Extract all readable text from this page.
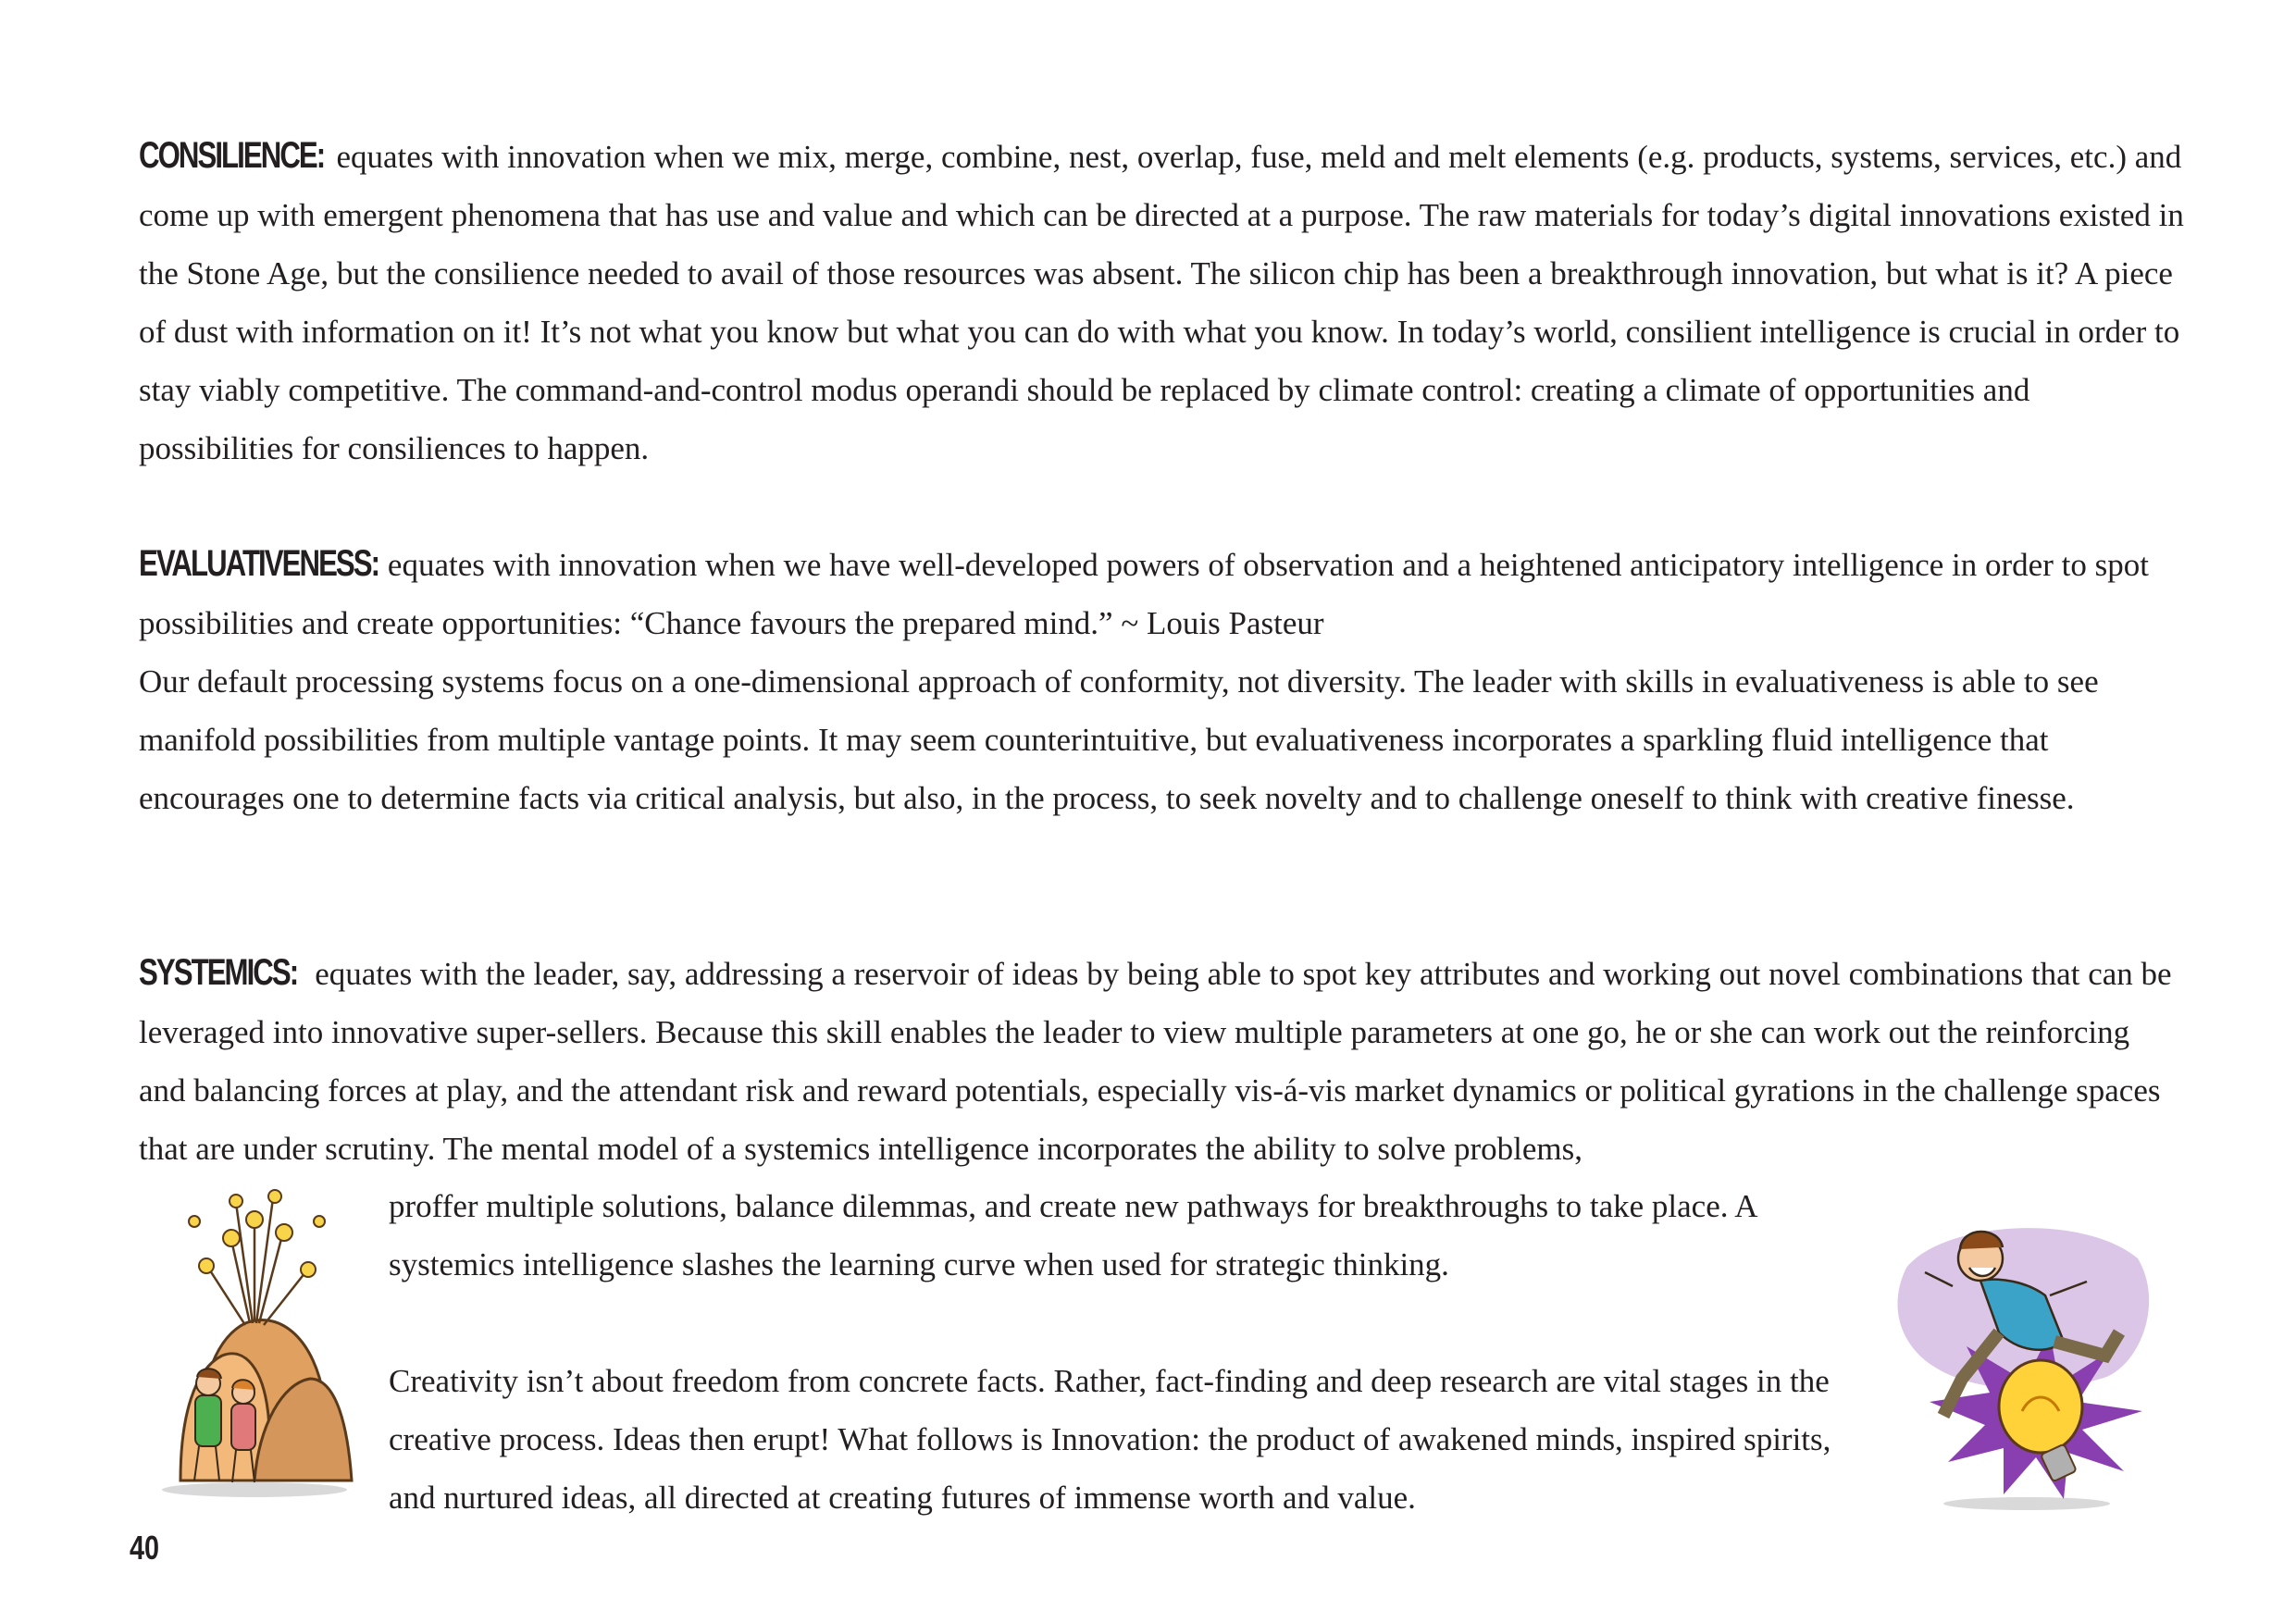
CONSILIENCE: equates with innovation when we mix, merge, combine, nest, overlap, fuse, meld and melt elements (e.g. products, systems, services, etc.) and come up with emergent phenomena that has use and value and which can be directed at a purpose. The raw materials for today’s digital innovations existed in the Stone Age, but the consilience needed to avail of those resources was absent. The silicon chip has been a breakthrough innovation, but what is it? A piece of dust with information on it! It’s not what you know but what you can do with what you know. In today’s world, consilient intelligence is crucial in order to stay viably competitive. The command-and-control modus operandi should be replaced by climate control: creating a climate of opportunities and possibilities for consiliences to happen.

EVALUATIVENESS: equates with innovation when we have well-developed powers of observation and a heightened anticipatory intelligence in order to spot possibilities and create opportunities: “Chance favours the prepared mind.” ~ Louis Pasteur
Our default processing systems focus on a one-dimensional approach of conformity, not diversity. The leader with skills in evaluativeness is able to see manifold possibilities from multiple vantage points. It may seem counterintuitive, but evaluativeness incorporates a sparkling fluid intelligence that encourages one to determine facts via critical analysis, but also, in the process, to seek novelty and to challenge oneself to think with creative finesse.

SYSTEMICS: equates with the leader, say, addressing a reservoir of ideas by being able to spot key attributes and working out novel combinations that can be leveraged into innovative super-sellers. Because this skill enables the leader to view multiple parameters at one go, he or she can work out the reinforcing and balancing forces at play, and the attendant risk and reward potentials, especially vis-á-vis market dynamics or political gyrations in the challenge spaces that are under scrutiny. The mental model of a systemics intelligence incorporates the ability to solve problems,

proffer multiple solutions, balance dilemmas, and create new pathways for breakthroughs to take place. A systemics intelligence slashes the learning curve when used for strategic thinking.

Creativity isn’t about freedom from concrete facts. Rather, fact-finding and deep research are vital stages in the creative process. Ideas then erupt! What follows is Innovation: the product of awakened minds, inspired spirits, and nurtured ideas, all directed at creating futures of immense worth and value.

40
